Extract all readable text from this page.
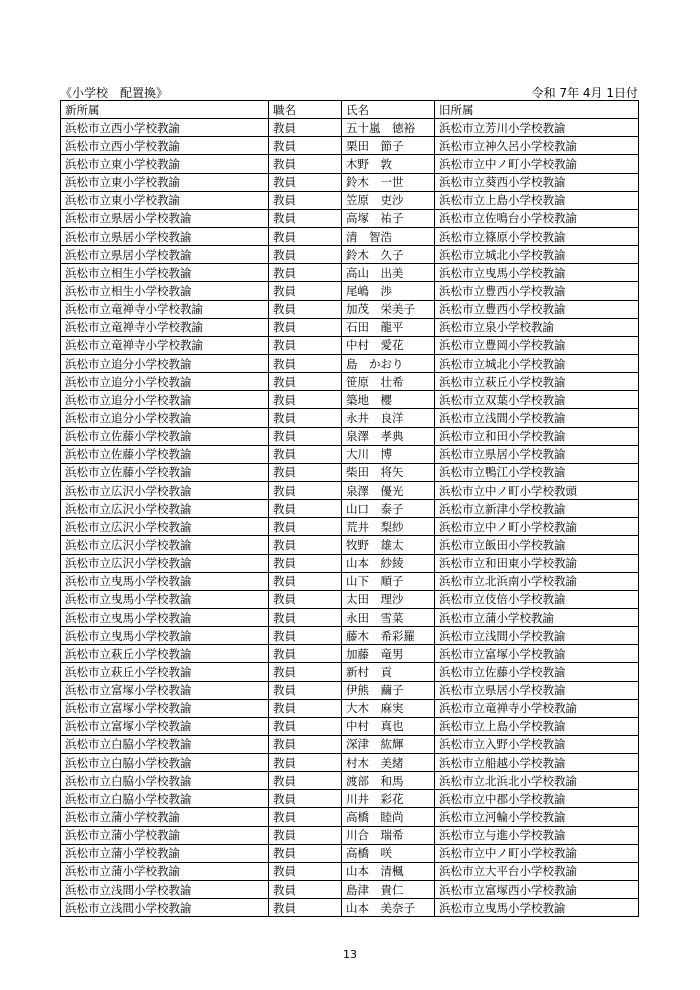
《小学校　配置換》	令和 7年 4月 1日付
新所属	職名	氏名	旧所属
浜松市立西小学校教諭	教員	五十嵐　徳裕	浜松市立芳川小学校教諭
浜松市立西小学校教諭	教員	栗田　節子	浜松市立神久呂小学校教諭
浜松市立東小学校教諭	教員	木野　敦	浜松市立中ノ町小学校教諭
浜松市立東小学校教諭	教員	鈴木　一世	浜松市立葵西小学校教諭
浜松市立東小学校教諭	教員	笠原　吏沙	浜松市立上島小学校教諭
浜松市立県居小学校教諭	教員	高塚　祐子	浜松市立佐鳴台小学校教諭
浜松市立県居小学校教諭	教員	清　智浩	浜松市立篠原小学校教諭
浜松市立県居小学校教諭	教員	鈴木　久子	浜松市立城北小学校教諭
浜松市立相生小学校教諭	教員	高山　出美	浜松市立曳馬小学校教諭
浜松市立相生小学校教諭	教員	尾嶋　渉	浜松市立豊西小学校教諭
浜松市立竜禅寺小学校教諭	教員	加茂　栄美子	浜松市立豊西小学校教諭
浜松市立竜禅寺小学校教諭	教員	石田　龍平	浜松市立泉小学校教諭
浜松市立竜禅寺小学校教諭	教員	中村　愛花	浜松市立豊岡小学校教諭
浜松市立追分小学校教諭	教員	島　かおり	浜松市立城北小学校教諭
浜松市立追分小学校教諭	教員	笹原　壮希	浜松市立萩丘小学校教諭
浜松市立追分小学校教諭	教員	築地　櫻	浜松市立双葉小学校教諭
浜松市立追分小学校教諭	教員	永井　良洋	浜松市立浅間小学校教諭
浜松市立佐藤小学校教諭	教員	泉澤　孝典	浜松市立和田小学校教諭
浜松市立佐藤小学校教諭	教員	大川　博	浜松市立県居小学校教諭
浜松市立佐藤小学校教諭	教員	柴田　将矢	浜松市立鴨江小学校教諭
浜松市立広沢小学校教諭	教員	泉澤　優光	浜松市立中ノ町小学校教頭
浜松市立広沢小学校教諭	教員	山口　泰子	浜松市立新津小学校教諭
浜松市立広沢小学校教諭	教員	荒井　梨紗	浜松市立中ノ町小学校教諭
浜松市立広沢小学校教諭	教員	牧野　雄太	浜松市立飯田小学校教諭
浜松市立広沢小学校教諭	教員	山本　紗綾	浜松市立和田東小学校教諭
浜松市立曳馬小学校教諭	教員	山下　順子	浜松市立北浜南小学校教諭
浜松市立曳馬小学校教諭	教員	太田　理沙	浜松市立伎倍小学校教諭
浜松市立曳馬小学校教諭	教員	永田　雪菜	浜松市立蒲小学校教諭
浜松市立曳馬小学校教諭	教員	藤木　希彩羅	浜松市立浅間小学校教諭
浜松市立萩丘小学校教諭	教員	加藤　竜男	浜松市立富塚小学校教諭
浜松市立萩丘小学校教諭	教員	新村　貢	浜松市立佐藤小学校教諭
浜松市立富塚小学校教諭	教員	伊熊　繭子	浜松市立県居小学校教諭
浜松市立富塚小学校教諭	教員	大木　麻実	浜松市立竜禅寺小学校教諭
浜松市立富塚小学校教諭	教員	中村　真也	浜松市立上島小学校教諭
浜松市立白脇小学校教諭	教員	深津　紘輝	浜松市立入野小学校教諭
浜松市立白脇小学校教諭	教員	村木　美緒	浜松市立船越小学校教諭
浜松市立白脇小学校教諭	教員	渡部　和馬	浜松市立北浜北小学校教諭
浜松市立白脇小学校教諭	教員	川井　彩花	浜松市立中郡小学校教諭
浜松市立蒲小学校教諭	教員	高橋　睦尚	浜松市立河輪小学校教諭
浜松市立蒲小学校教諭	教員	川合　瑞希	浜松市立与進小学校教諭
浜松市立蒲小学校教諭	教員	高橋　咲	浜松市立中ノ町小学校教諭
浜松市立蒲小学校教諭	教員	山本　清楓	浜松市立大平台小学校教諭
浜松市立浅間小学校教諭	教員	島津　貴仁	浜松市立富塚西小学校教諭
浜松市立浅間小学校教諭	教員	山本　美奈子	浜松市立曳馬小学校教諭
13
